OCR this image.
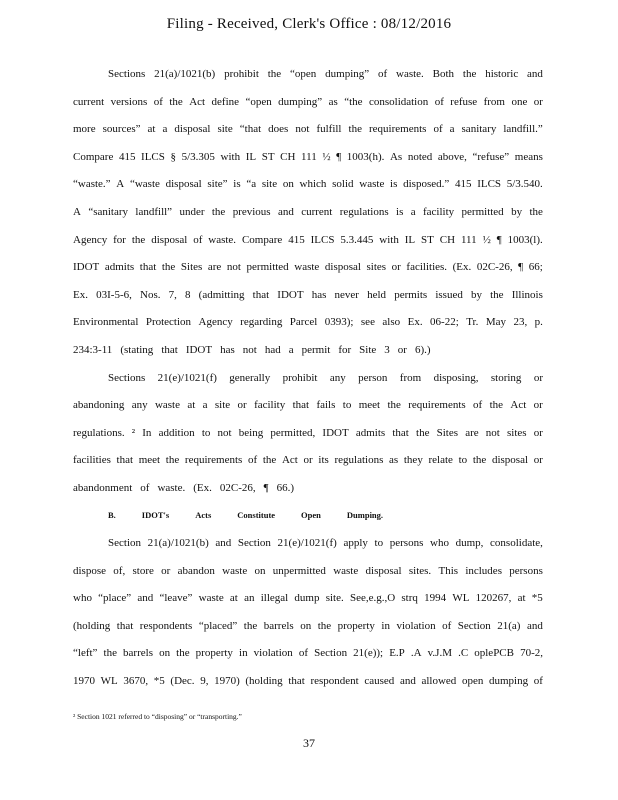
Filing - Received, Clerk's Office : 08/12/2016
Sections 21(a)/1021(b) prohibit the “open dumping” of waste. Both the historic and
current versions of the Act define “open dumping” as “the consolidation of refuse from one or
more sources” at a disposal site “that does not fulfill the requirements of a sanitary landfill.”
Compare 415 ILCS § 5/3.305 with IL ST CH 111 ½ ¶ 1003(h). As noted above, “refuse” means
“waste.” A “waste disposal site” is “a site on which solid waste is disposed.” 415 ILCS 5/3.540.
A “sanitary landfill” under the previous and current regulations is a facility permitted by the
Agency for the disposal of waste. Compare 415 ILCS 5.3.445 with IL ST CH 111 ½ ¶ 1003(l).
IDOT admits that the Sites are not permitted waste disposal sites or facilities. (Ex. 02C-26, ¶ 66;
Ex. 03I-5-6, Nos. 7, 8 (admitting that IDOT has never held permits issued by the Illinois
Environmental Protection Agency regarding Parcel 0393); see also Ex. 06-22; Tr. May 23, p.
234:3-11 (stating that IDOT has not had a permit for Site 3 or 6).)
Sections 21(e)/1021(f) generally prohibit any person from disposing, storing or
abandoning any waste at a site or facility that fails to meet the requirements of the Act or
regulations. ² In addition to not being permitted, IDOT admits that the Sites are not sites or
facilities that meet the requirements of the Act or its regulations as they relate to the disposal or
abandonment of waste. (Ex. 02C-26, ¶ 66.)
B.	IDOT's	Acts	Constitute	Open	Dumping.
Section 21(a)/1021(b) and Section 21(e)/1021(f) apply to persons who dump, consolidate,
dispose of, store or abandon waste on unpermitted waste disposal sites. This includes persons
who “place” and “leave” waste at an illegal dump site. See,e.g.,O strq 1994 WL 120267, at *5
(holding that respondents “placed” the barrels on the property in violation of Section 21(a) and
“left” the barrels on the property in violation of Section 21(e)); E.P .A v.J.M .C oplePCB 70-2,
1970 WL 3670, *5 (Dec. 9, 1970) (holding that respondent caused and allowed open dumping of
² Section 1021 referred to “disposing” or “transporting.”
37
